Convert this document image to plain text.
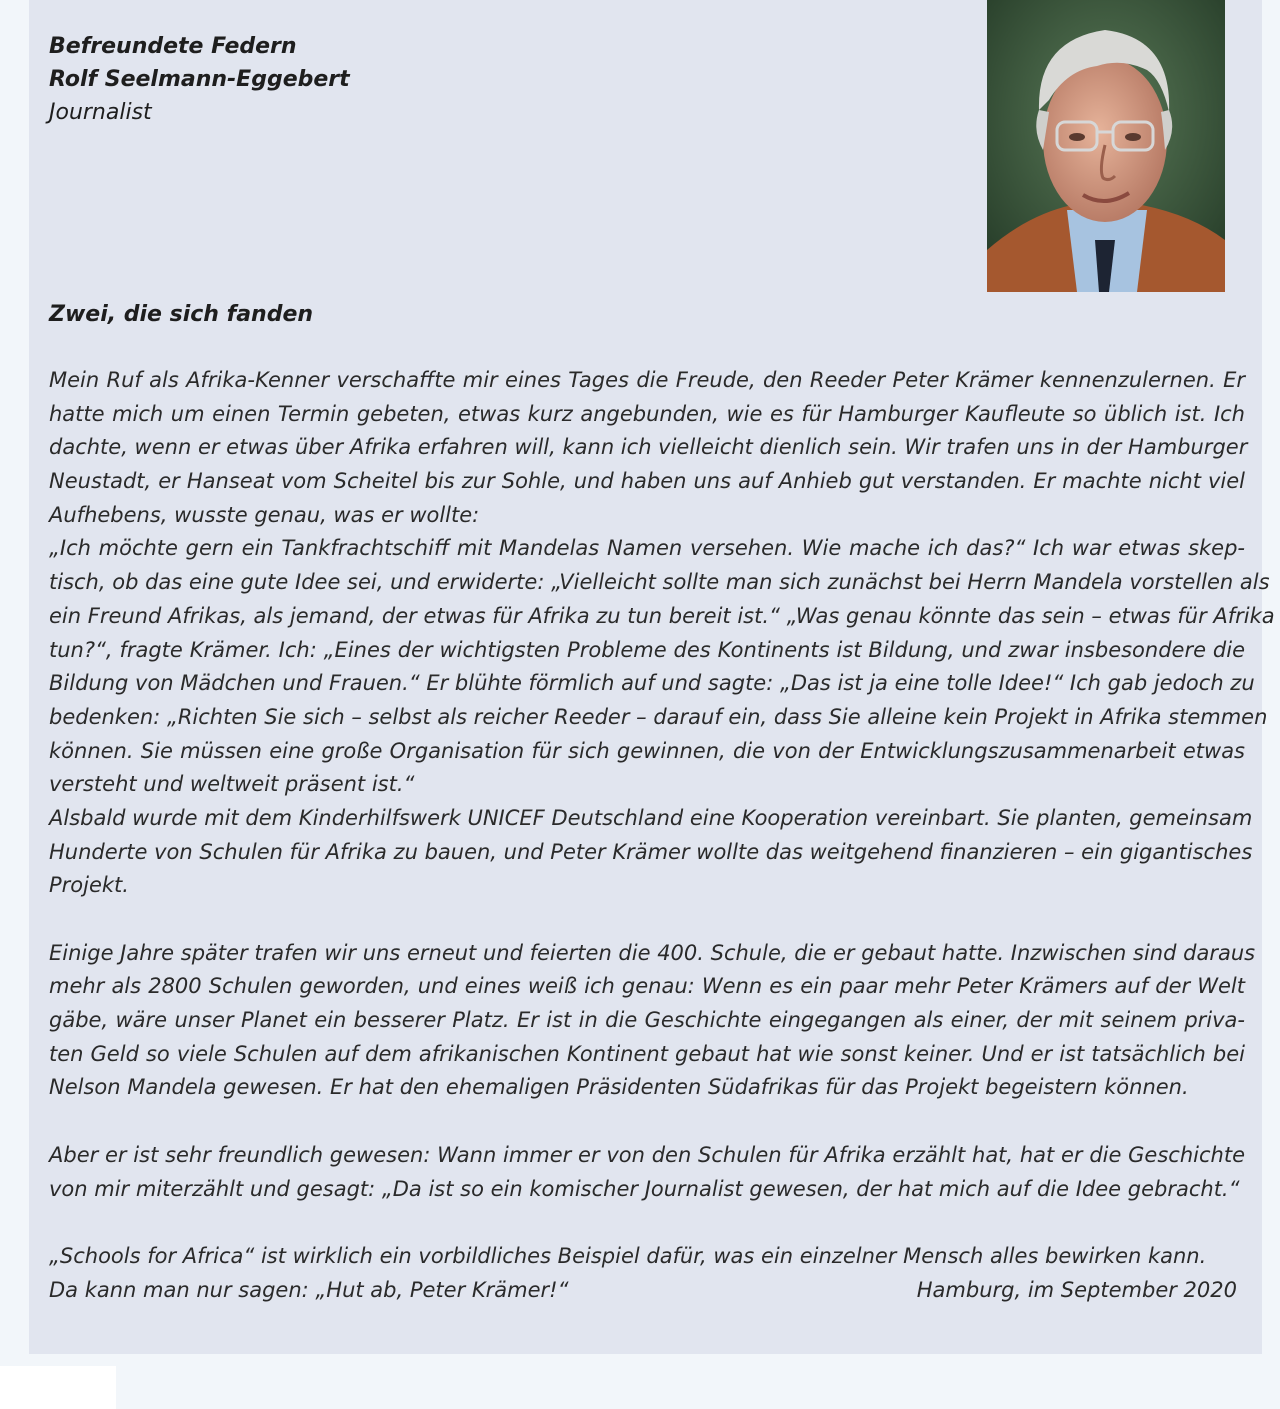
Befreundete Federn
Rolf Seelmann-Eggebert
Journalist
Zwei, die sich fanden
Mein Ruf als Afrika-Kenner verschaffte mir eines Tages die Freude, den Reeder Peter Krämer kennenzulernen. Er
hatte mich um einen Termin gebeten, etwas kurz angebunden, wie es für Hamburger Kaufleute so üblich ist. Ich
dachte, wenn er etwas über Afrika erfahren will, kann ich vielleicht dienlich sein. Wir trafen uns in der Hamburger
Neustadt, er Hanseat vom Scheitel bis zur Sohle, und haben uns auf Anhieb gut verstanden. Er machte nicht viel
Aufhebens, wusste genau, was er wollte:
„Ich möchte gern ein Tankfrachtschiff mit Mandelas Namen versehen. Wie mache ich das?“ Ich war etwas skep-
tisch, ob das eine gute Idee sei, und erwiderte: „Vielleicht sollte man sich zunächst bei Herrn Mandela vorstellen als
ein Freund Afrikas, als jemand, der etwas für Afrika zu tun bereit ist.“ „Was genau könnte das sein – etwas für Afrika
tun?“, fragte Krämer. Ich: „Eines der wichtigsten Probleme des Kontinents ist Bildung, und zwar insbesondere die
Bildung von Mädchen und Frauen.“ Er blühte förmlich auf und sagte: „Das ist ja eine tolle Idee!“ Ich gab jedoch zu
bedenken: „Richten Sie sich – selbst als reicher Reeder – darauf ein, dass Sie alleine kein Projekt in Afrika stemmen
können. Sie müssen eine große Organisation für sich gewinnen, die von der Entwicklungszusammenarbeit etwas
versteht und weltweit präsent ist.“
Alsbald wurde mit dem Kinderhilfswerk UNICEF Deutschland eine Kooperation vereinbart. Sie planten, gemeinsam
Hunderte von Schulen für Afrika zu bauen, und Peter Krämer wollte das weitgehend finanzieren – ein gigantisches
Projekt.
Einige Jahre später trafen wir uns erneut und feierten die 400. Schule, die er gebaut hatte. Inzwischen sind daraus
mehr als 2800 Schulen geworden, und eines weiß ich genau: Wenn es ein paar mehr Peter Krämers auf der Welt
gäbe, wäre unser Planet ein besserer Platz. Er ist in die Geschichte eingegangen als einer, der mit seinem priva-
ten Geld so viele Schulen auf dem afrikanischen Kontinent gebaut hat wie sonst keiner. Und er ist tatsächlich bei
Nelson Mandela gewesen. Er hat den ehemaligen Präsidenten Südafrikas für das Projekt begeistern können.
Aber er ist sehr freundlich gewesen: Wann immer er von den Schulen für Afrika erzählt hat, hat er die Geschichte
von mir miterzählt und gesagt: „Da ist so ein komischer Journalist gewesen, der hat mich auf die Idee gebracht.“
„Schools for Africa“ ist wirklich ein vorbildliches Beispiel dafür, was ein einzelner Mensch alles bewirken kann.
Da kann man nur sagen: „Hut ab, Peter Krämer!“	Hamburg, im September 2020
